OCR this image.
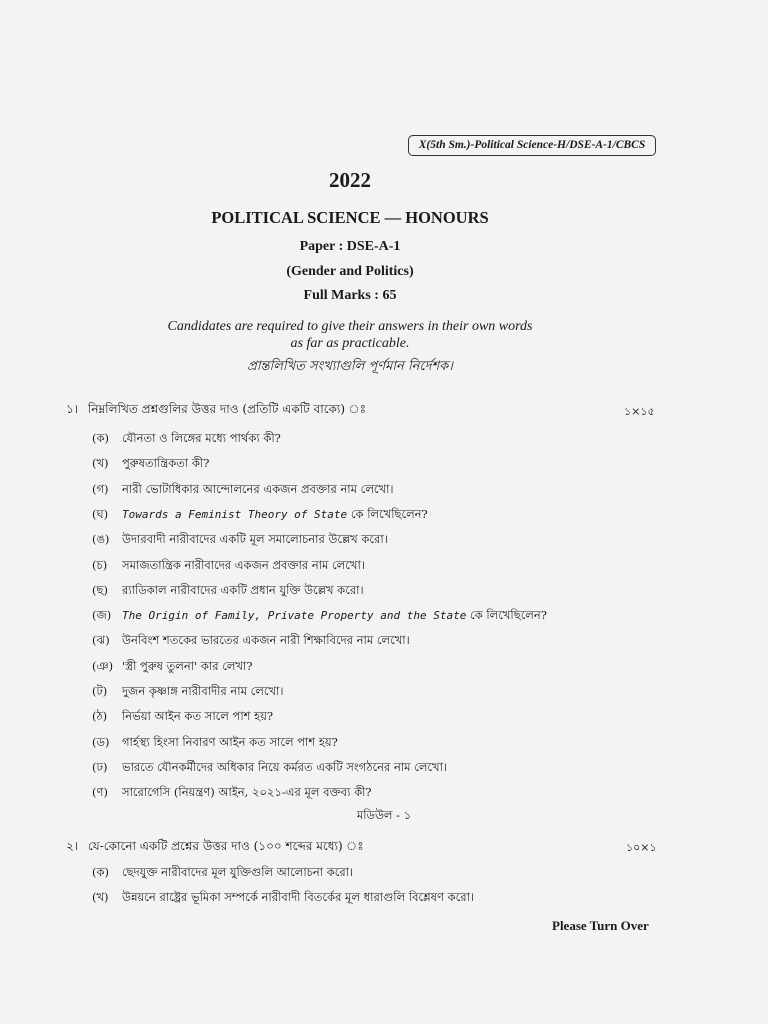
X(5th Sm.)-Political Science-H/DSE-A-1/CBCS
2022
POLITICAL SCIENCE — HONOURS
Paper : DSE-A-1
(Gender and Politics)
Full Marks : 65
Candidates are required to give their answers in their own words
as far as practicable.
প্রান্তলিখিত সংখ্যাগুলি পূর্ণমান নির্দেশক।
১। নিম্নলিখিত প্রশ্নগুলির উত্তর দাও (প্রতিটি একটি বাক্যে) ঃ	১×১৫
(ক) যৌনতা ও লিঙ্গের মধ্যে পার্থক্য কী?
(খ) পুরুষতান্ত্রিকতা কী?
(গ) নারী ভোটাধিকার আন্দোলনের একজন প্রবক্তার নাম লেখো।
(ঘ) Towards a Feminist Theory of State কে লিখেছিলেন?
(ঙ) উদারবাদী নারীবাদের একটি মূল সমালোচনার উল্লেখ করো।
(চ) সমাজতান্ত্রিক নারীবাদের একজন প্রবক্তার নাম লেখো।
(ছ) র‍্যাডিকাল নারীবাদের একটি প্রধান যুক্তি উল্লেখ করো।
(জ) The Origin of Family, Private Property and the State কে লিখেছিলেন?
(ঝ) উনবিংশ শতকের ভারতের একজন নারী শিক্ষাবিদের নাম লেখো।
(ঞ) 'স্ত্রী পুরুষ তুলনা' কার লেখা?
(ট) দুজন কৃষ্ণাঙ্গ নারীবাদীর নাম লেখো।
(ঠ) নির্ভয়া আইন কত সালে পাশ হয়?
(ড) গার্হস্থ্য হিংসা নিবারণ আইন কত সালে পাশ হয়?
(ঢ) ভারতে যৌনকর্মীদের অধিকার নিয়ে কর্মরত একটি সংগঠনের নাম লেখো।
(ণ) সারোগেসি (নিয়ন্ত্রণ) আইন, ২০২১-এর মূল বক্তব্য কী?
মডিউল - ১
২। যে-কোনো একটি প্রশ্নের উত্তর দাও (১০০ শব্দের মধ্যে) ঃ	১০×১
(ক) ছেদযুক্ত নারীবাদের মূল যুক্তিগুলি আলোচনা করো।
(খ) উন্নয়নে রাষ্ট্রের ভূমিকা সম্পর্কে নারীবাদী বিতর্কের মূল ধারাগুলি বিশ্লেষণ করো।
Please Turn Over
